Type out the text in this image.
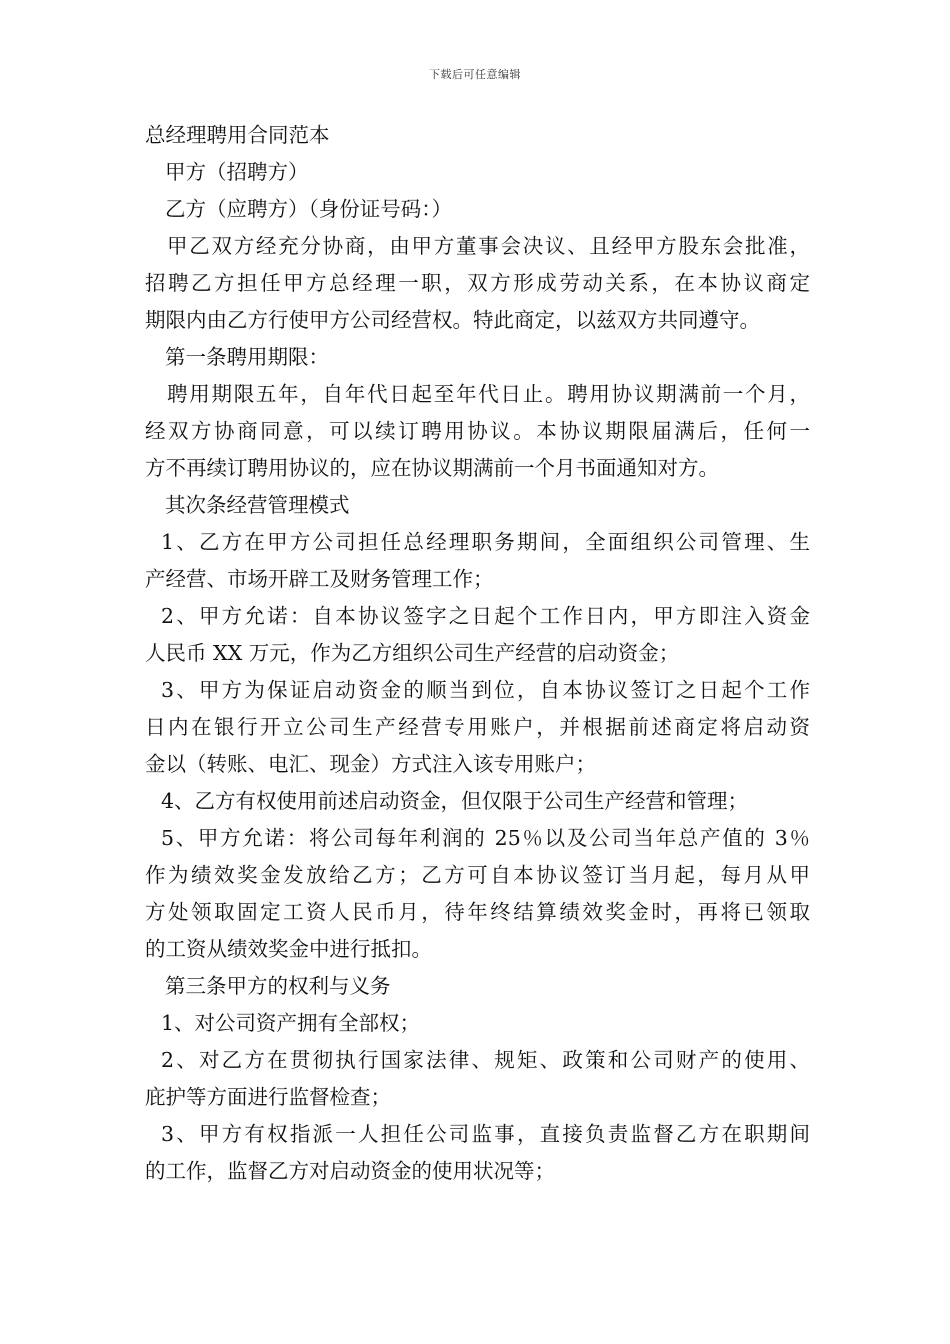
下载后可任意编辑
总经理聘用合同范本
甲方（招聘方）
乙方（应聘方）（身份证号码：）
甲乙双方经充分协商，由甲方董事会决议、且经甲方股东会批准，
招聘乙方担任甲方总经理一职，双方形成劳动关系，在本协议商定
期限内由乙方行使甲方公司经营权。特此商定，以兹双方共同遵守。
第一条聘用期限：
聘用期限五年，自年代日起至年代日止。聘用协议期满前一个月，
经双方协商同意，可以续订聘用协议。本协议期限届满后，任何一
方不再续订聘用协议的，应在协议期满前一个月书面通知对方。
其次条经营管理模式
1、乙方在甲方公司担任总经理职务期间，全面组织公司管理、生
产经营、市场开辟工及财务管理工作；
2、甲方允诺：自本协议签字之日起个工作日内，甲方即注入资金
人民币 XX 万元，作为乙方组织公司生产经营的启动资金；
3、甲方为保证启动资金的顺当到位，自本协议签订之日起个工作
日内在银行开立公司生产经营专用账户，并根据前述商定将启动资
金以（转账、电汇、现金）方式注入该专用账户；
4、乙方有权使用前述启动资金，但仅限于公司生产经营和管理；
5、甲方允诺：将公司每年利润的 25％以及公司当年总产值的 3％
作为绩效奖金发放给乙方；乙方可自本协议签订当月起，每月从甲
方处领取固定工资人民币月，待年终结算绩效奖金时，再将已领取
的工资从绩效奖金中进行抵扣。
第三条甲方的权利与义务
1、对公司资产拥有全部权；
2、对乙方在贯彻执行国家法律、规矩、政策和公司财产的使用、
庇护等方面进行监督检查；
3、甲方有权指派一人担任公司监事，直接负责监督乙方在职期间
的工作，监督乙方对启动资金的使用状况等；
